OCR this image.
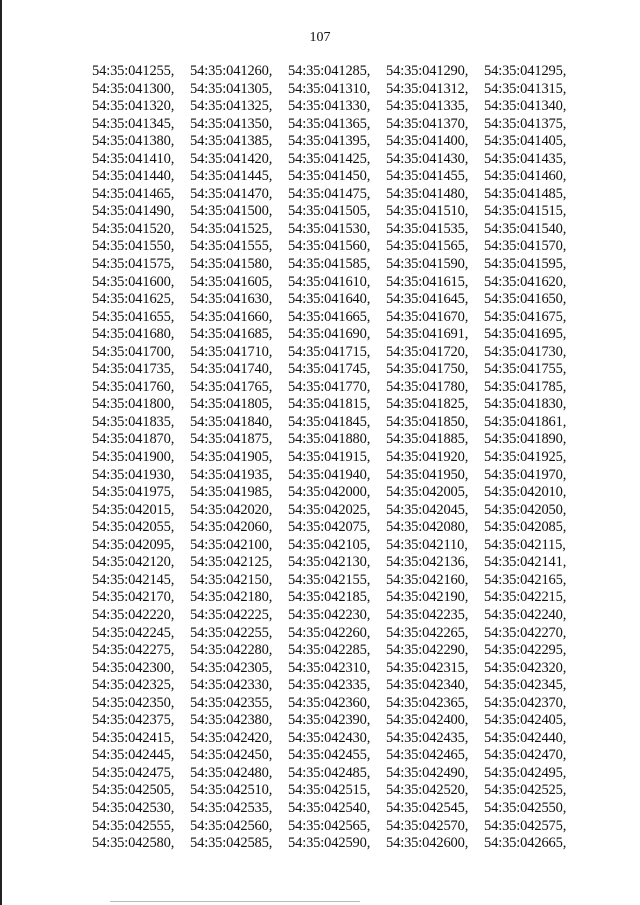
107
54:35:041255,	54:35:041260,	54:35:041285,	54:35:041290,	54:35:041295,
54:35:041300,	54:35:041305,	54:35:041310,	54:35:041312,	54:35:041315,
54:35:041320,	54:35:041325,	54:35:041330,	54:35:041335,	54:35:041340,
54:35:041345,	54:35:041350,	54:35:041365,	54:35:041370,	54:35:041375,
54:35:041380,	54:35:041385,	54:35:041395,	54:35:041400,	54:35:041405,
54:35:041410,	54:35:041420,	54:35:041425,	54:35:041430,	54:35:041435,
54:35:041440,	54:35:041445,	54:35:041450,	54:35:041455,	54:35:041460,
54:35:041465,	54:35:041470,	54:35:041475,	54:35:041480,	54:35:041485,
54:35:041490,	54:35:041500,	54:35:041505,	54:35:041510,	54:35:041515,
54:35:041520,	54:35:041525,	54:35:041530,	54:35:041535,	54:35:041540,
54:35:041550,	54:35:041555,	54:35:041560,	54:35:041565,	54:35:041570,
54:35:041575,	54:35:041580,	54:35:041585,	54:35:041590,	54:35:041595,
54:35:041600,	54:35:041605,	54:35:041610,	54:35:041615,	54:35:041620,
54:35:041625,	54:35:041630,	54:35:041640,	54:35:041645,	54:35:041650,
54:35:041655,	54:35:041660,	54:35:041665,	54:35:041670,	54:35:041675,
54:35:041680,	54:35:041685,	54:35:041690,	54:35:041691,	54:35:041695,
54:35:041700,	54:35:041710,	54:35:041715,	54:35:041720,	54:35:041730,
54:35:041735,	54:35:041740,	54:35:041745,	54:35:041750,	54:35:041755,
54:35:041760,	54:35:041765,	54:35:041770,	54:35:041780,	54:35:041785,
54:35:041800,	54:35:041805,	54:35:041815,	54:35:041825,	54:35:041830,
54:35:041835,	54:35:041840,	54:35:041845,	54:35:041850,	54:35:041861,
54:35:041870,	54:35:041875,	54:35:041880,	54:35:041885,	54:35:041890,
54:35:041900,	54:35:041905,	54:35:041915,	54:35:041920,	54:35:041925,
54:35:041930,	54:35:041935,	54:35:041940,	54:35:041950,	54:35:041970,
54:35:041975,	54:35:041985,	54:35:042000,	54:35:042005,	54:35:042010,
54:35:042015,	54:35:042020,	54:35:042025,	54:35:042045,	54:35:042050,
54:35:042055,	54:35:042060,	54:35:042075,	54:35:042080,	54:35:042085,
54:35:042095,	54:35:042100,	54:35:042105,	54:35:042110,	54:35:042115,
54:35:042120,	54:35:042125,	54:35:042130,	54:35:042136,	54:35:042141,
54:35:042145,	54:35:042150,	54:35:042155,	54:35:042160,	54:35:042165,
54:35:042170,	54:35:042180,	54:35:042185,	54:35:042190,	54:35:042215,
54:35:042220,	54:35:042225,	54:35:042230,	54:35:042235,	54:35:042240,
54:35:042245,	54:35:042255,	54:35:042260,	54:35:042265,	54:35:042270,
54:35:042275,	54:35:042280,	54:35:042285,	54:35:042290,	54:35:042295,
54:35:042300,	54:35:042305,	54:35:042310,	54:35:042315,	54:35:042320,
54:35:042325,	54:35:042330,	54:35:042335,	54:35:042340,	54:35:042345,
54:35:042350,	54:35:042355,	54:35:042360,	54:35:042365,	54:35:042370,
54:35:042375,	54:35:042380,	54:35:042390,	54:35:042400,	54:35:042405,
54:35:042415,	54:35:042420,	54:35:042430,	54:35:042435,	54:35:042440,
54:35:042445,	54:35:042450,	54:35:042455,	54:35:042465,	54:35:042470,
54:35:042475,	54:35:042480,	54:35:042485,	54:35:042490,	54:35:042495,
54:35:042505,	54:35:042510,	54:35:042515,	54:35:042520,	54:35:042525,
54:35:042530,	54:35:042535,	54:35:042540,	54:35:042545,	54:35:042550,
54:35:042555,	54:35:042560,	54:35:042565,	54:35:042570,	54:35:042575,
54:35:042580,	54:35:042585,	54:35:042590,	54:35:042600,	54:35:042665,
